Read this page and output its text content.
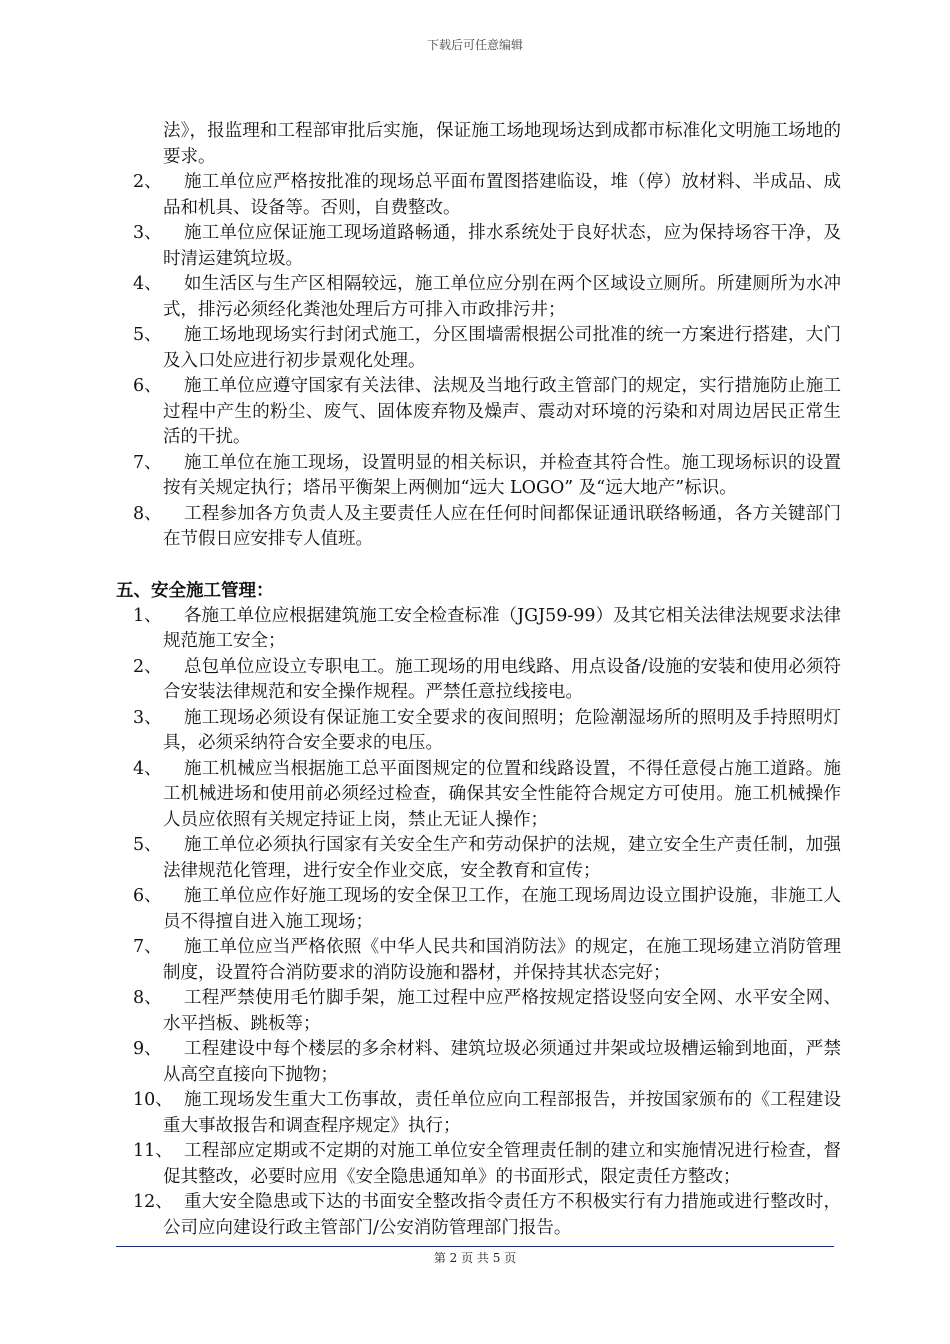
下载后可任意编辑
法》，报监理和工程部审批后实施，保证施工场地现场达到成都市标准化文明施工场地的要求。
2、	施工单位应严格按批准的现场总平面布置图搭建临设，堆（停）放材料、半成品、成品和机具、设备等。否则，自费整改。
3、	施工单位应保证施工现场道路畅通，排水系统处于良好状态，应为保持场容干净，及时清运建筑垃圾。
4、	如生活区与生产区相隔较远，施工单位应分别在两个区域设立厕所。所建厕所为水冲式，排污必须经化粪池处理后方可排入市政排污井；
5、	施工场地现场实行封闭式施工，分区围墙需根据公司批准的统一方案进行搭建，大门及入口处应进行初步景观化处理。
6、	施工单位应遵守国家有关法律、法规及当地行政主管部门的规定，实行措施防止施工过程中产生的粉尘、废气、固体废弃物及燥声、震动对环境的污染和对周边居民正常生活的干扰。
7、	施工单位在施工现场，设置明显的相关标识，并检查其符合性。施工现场标识的设置按有关规定执行；塔吊平衡架上两侧加“远大 LOGO” 及“远大地产”标识。
8、	工程参加各方负责人及主要责任人应在任何时间都保证通讯联络畅通，各方关键部门在节假日应安排专人值班。
五、安全施工管理：
1、	各施工单位应根据建筑施工安全检查标准（JGJ59-99）及其它相关法律法规要求法律规范施工安全；
2、	总包单位应设立专职电工。施工现场的用电线路、用点设备/设施的安装和使用必须符合安装法律规范和安全操作规程。严禁任意拉线接电。
3、	施工现场必须设有保证施工安全要求的夜间照明；危险潮湿场所的照明及手持照明灯具，必须采纳符合安全要求的电压。
4、	施工机械应当根据施工总平面图规定的位置和线路设置，不得任意侵占施工道路。施工机械进场和使用前必须经过检查，确保其安全性能符合规定方可使用。施工机械操作人员应依照有关规定持证上岗，禁止无证人操作；
5、	施工单位必须执行国家有关安全生产和劳动保护的法规，建立安全生产责任制，加强法律规范化管理，进行安全作业交底，安全教育和宣传；
6、	施工单位应作好施工现场的安全保卫工作，在施工现场周边设立围护设施，非施工人员不得擅自进入施工现场；
7、	施工单位应当严格依照《中华人民共和国消防法》的规定，在施工现场建立消防管理制度，设置符合消防要求的消防设施和器材，并保持其状态完好；
8、	工程严禁使用毛竹脚手架，施工过程中应严格按规定搭设竖向安全网、水平安全网、水平挡板、跳板等；
9、	工程建设中每个楼层的多余材料、建筑垃圾必须通过井架或垃圾槽运输到地面，严禁从高空直接向下抛物；
10、 施工现场发生重大工伤事故，责任单位应向工程部报告，并按国家颁布的《工程建设重大事故报告和调查程序规定》执行；
11、 工程部应定期或不定期的对施工单位安全管理责任制的建立和实施情况进行检查，督促其整改，必要时应用《安全隐患通知单》的书面形式，限定责任方整改；
12、 重大安全隐患或下达的书面安全整改指令责任方不积极实行有力措施或进行整改时，公司应向建设行政主管部门/公安消防管理部门报告。
第 2 页 共 5 页
